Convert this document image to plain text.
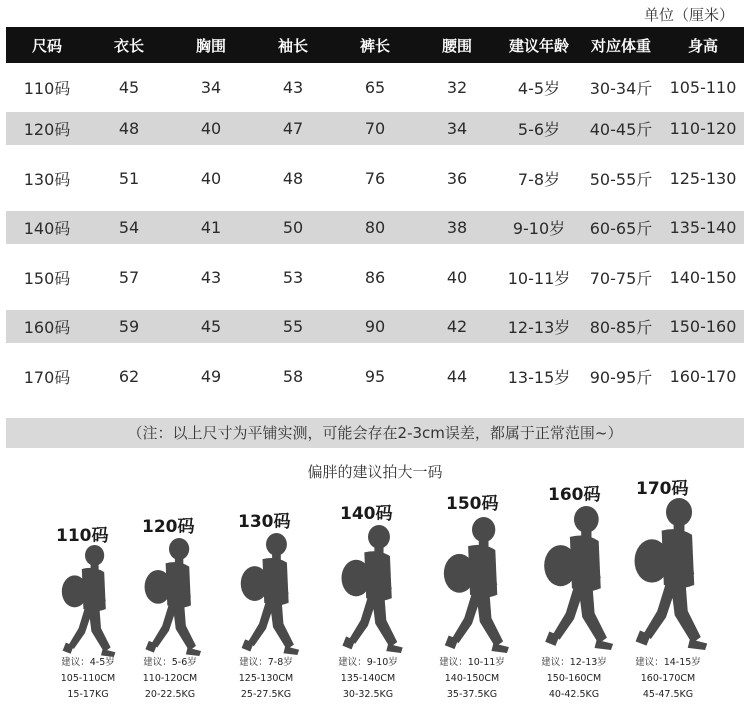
单位（厘米）
尺码	衣长	胸围	袖长	裤长	腰围	建议年龄	对应体重	身高
110码	45	34	43	65	32	4-5岁	30-34斤	105-110
120码	48	40	47	70	34	5-6岁	40-45斤	110-120
130码	51	40	48	76	36	7-8岁	50-55斤	125-130
140码	54	41	50	80	38	9-10岁	60-65斤	135-140
150码	57	43	53	86	40	10-11岁	70-75斤	140-150
160码	59	45	55	90	42	12-13岁	80-85斤	150-160
170码	62	49	58	95	44	13-15岁	90-95斤	160-170
（注：以上尺寸为平铺实测，可能会存在2-3cm误差，都属于正常范围~）
偏胖的建议拍大一码
110码
建议：4-5岁
105-110CM
15-17KG
120码
建议：5-6岁
110-120CM
20-22.5KG
130码
建议：7-8岁
125-130CM
25-27.5KG
140码
建议：9-10岁
135-140CM
30-32.5KG
150码
建议：10-11岁
140-150CM
35-37.5KG
160码
建议：12-13岁
150-160CM
40-42.5KG
170码
建议：14-15岁
160-170CM
45-47.5KG
